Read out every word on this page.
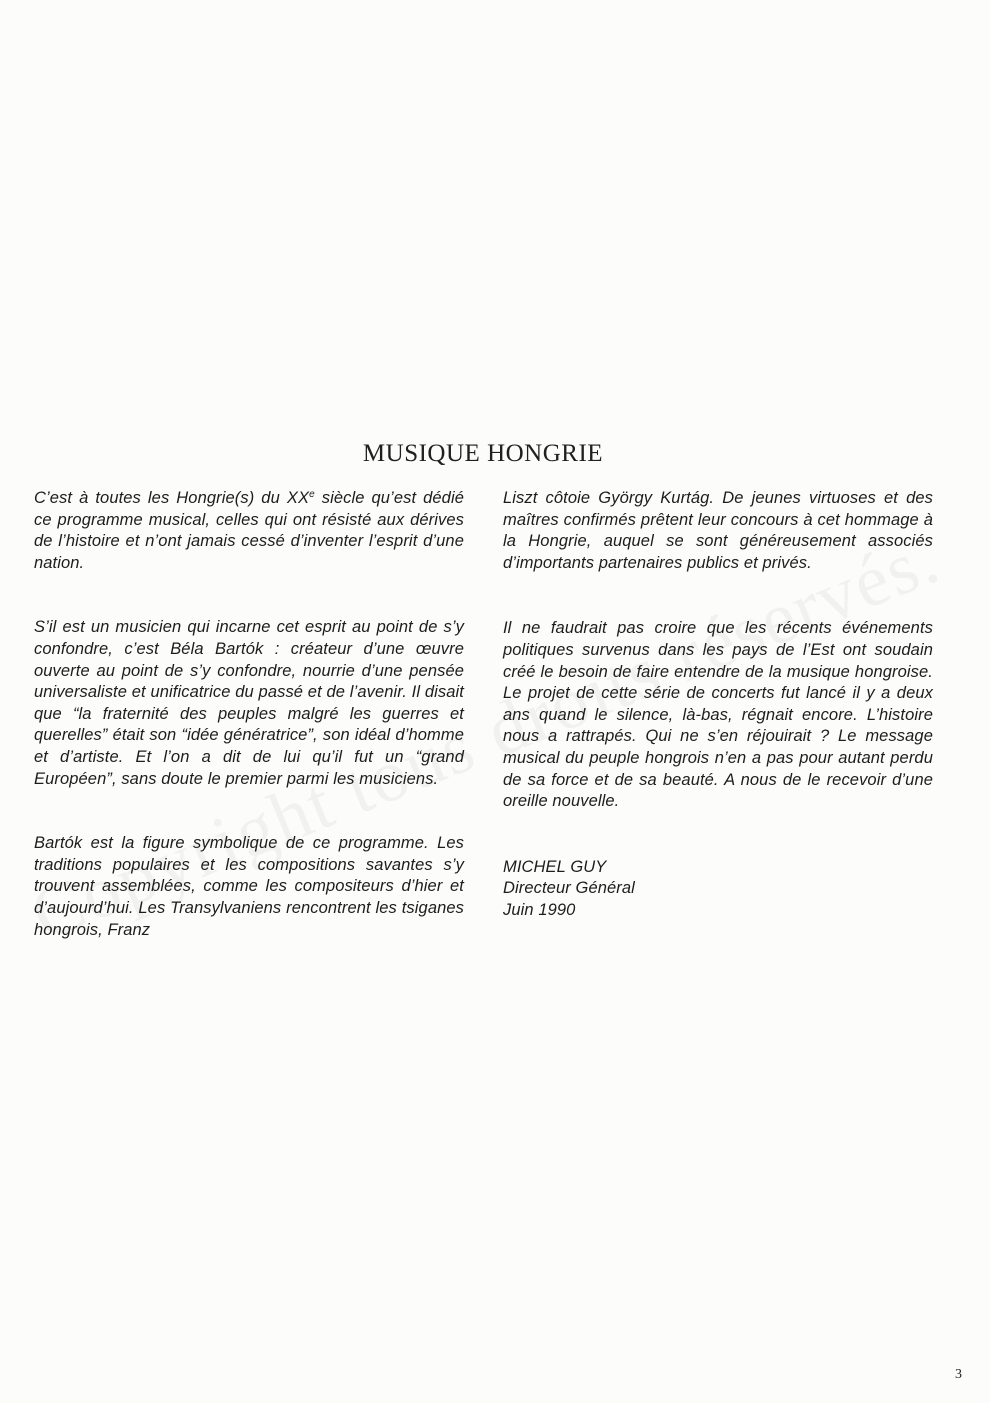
MUSIQUE HONGRIE

C’est à toutes les Hongrie(s) du XXe siècle qu’est dédié ce programme musical, celles qui ont résisté aux dérives de l’histoire et n’ont jamais cessé d’inventer l’esprit d’une nation.

S’il est un musicien qui incarne cet esprit au point de s’y confondre, c’est Béla Bartók : créateur d’une œuvre ouverte au point de s’y confondre, nourrie d’une pensée universaliste et unificatrice du passé et de l’avenir. Il disait que “la fraternité des peuples malgré les guerres et querelles” était son “idée génératrice”, son idéal d’homme et d’artiste. Et l’on a dit de lui qu’il fut un “grand Européen”, sans doute le premier parmi les musiciens.

Bartók est la figure symbolique de ce programme. Les traditions populaires et les compositions savantes s’y trouvent assemblées, comme les compositeurs d’hier et d’aujourd’hui. Les Transylvaniens rencontrent les tsiganes hongrois, Franz

Liszt côtoie György Kurtág. De jeunes virtuoses et des maîtres confirmés prêtent leur concours à cet hommage à la Hongrie, auquel se sont généreusement associés d’importants partenaires publics et privés.

Il ne faudrait pas croire que les récents événements politiques survenus dans les pays de l’Est ont soudain créé le besoin de faire entendre de la musique hongroise. Le projet de cette série de concerts fut lancé il y a deux ans quand le silence, là-bas, régnait encore. L’histoire nous a rattrapés. Qui ne s’en réjouirait ? Le message musical du peuple hongrois n’en a pas pour autant perdu de sa force et de sa beauté. A nous de le recevoir d’une oreille nouvelle.

MICHEL GUY
Directeur Général
Juin 1990
3
